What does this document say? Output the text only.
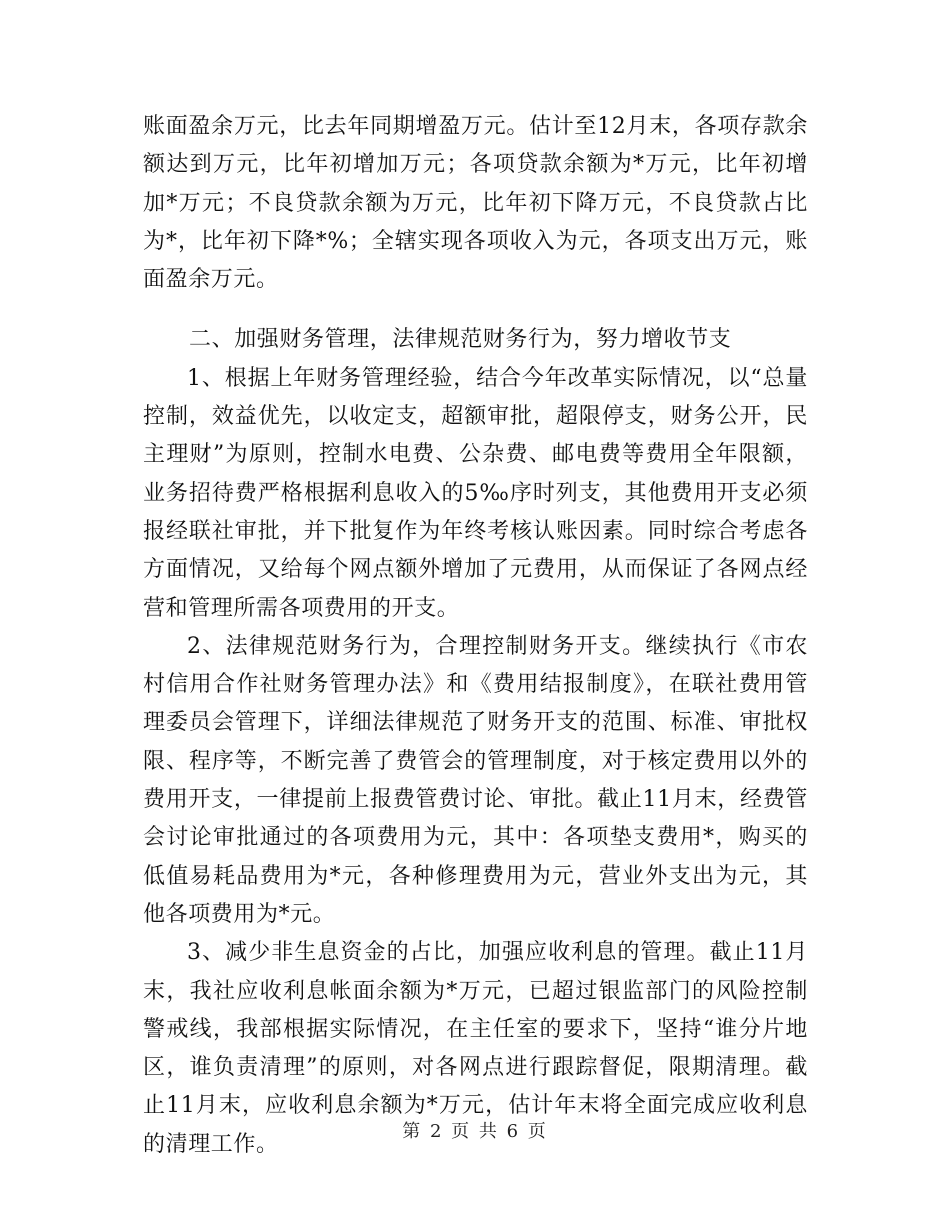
账面盈余万元，比去年同期增盈万元。估计至12月末，各项存款余额达到万元，比年初增加万元；各项贷款余额为*万元，比年初增加*万元；不良贷款余额为万元，比年初下降万元，不良贷款占比为*，比年初下降*%；全辖实现各项收入为元，各项支出万元，账面盈余万元。

二、加强财务管理，法律规范财务行为，努力增收节支

1、根据上年财务管理经验，结合今年改革实际情况，以“总量控制，效益优先，以收定支，超额审批，超限停支，财务公开，民主理财”为原则，控制水电费、公杂费、邮电费等费用全年限额，业务招待费严格根据利息收入的5‰序时列支，其他费用开支必须报经联社审批，并下批复作为年终考核认账因素。同时综合考虑各方面情况，又给每个网点额外增加了元费用，从而保证了各网点经营和管理所需各项费用的开支。

2、法律规范财务行为，合理控制财务开支。继续执行《市农村信用合作社财务管理办法》和《费用结报制度》，在联社费用管理委员会管理下，详细法律规范了财务开支的范围、标准、审批权限、程序等，不断完善了费管会的管理制度，对于核定费用以外的费用开支，一律提前上报费管费讨论、审批。截止11月末，经费管会讨论审批通过的各项费用为元，其中：各项垫支费用*，购买的低值易耗品费用为*元，各种修理费用为元，营业外支出为元，其他各项费用为*元。

3、减少非生息资金的占比，加强应收利息的管理。截止11月末，我社应收利息帐面余额为*万元，已超过银监部门的风险控制警戒线，我部根据实际情况，在主任室的要求下，坚持“谁分片地区，谁负责清理”的原则，对各网点进行跟踪督促，限期清理。截止11月末，应收利息余额为*万元，估计年末将全面完成应收利息的清理工作。

第 2 页 共 6 页
